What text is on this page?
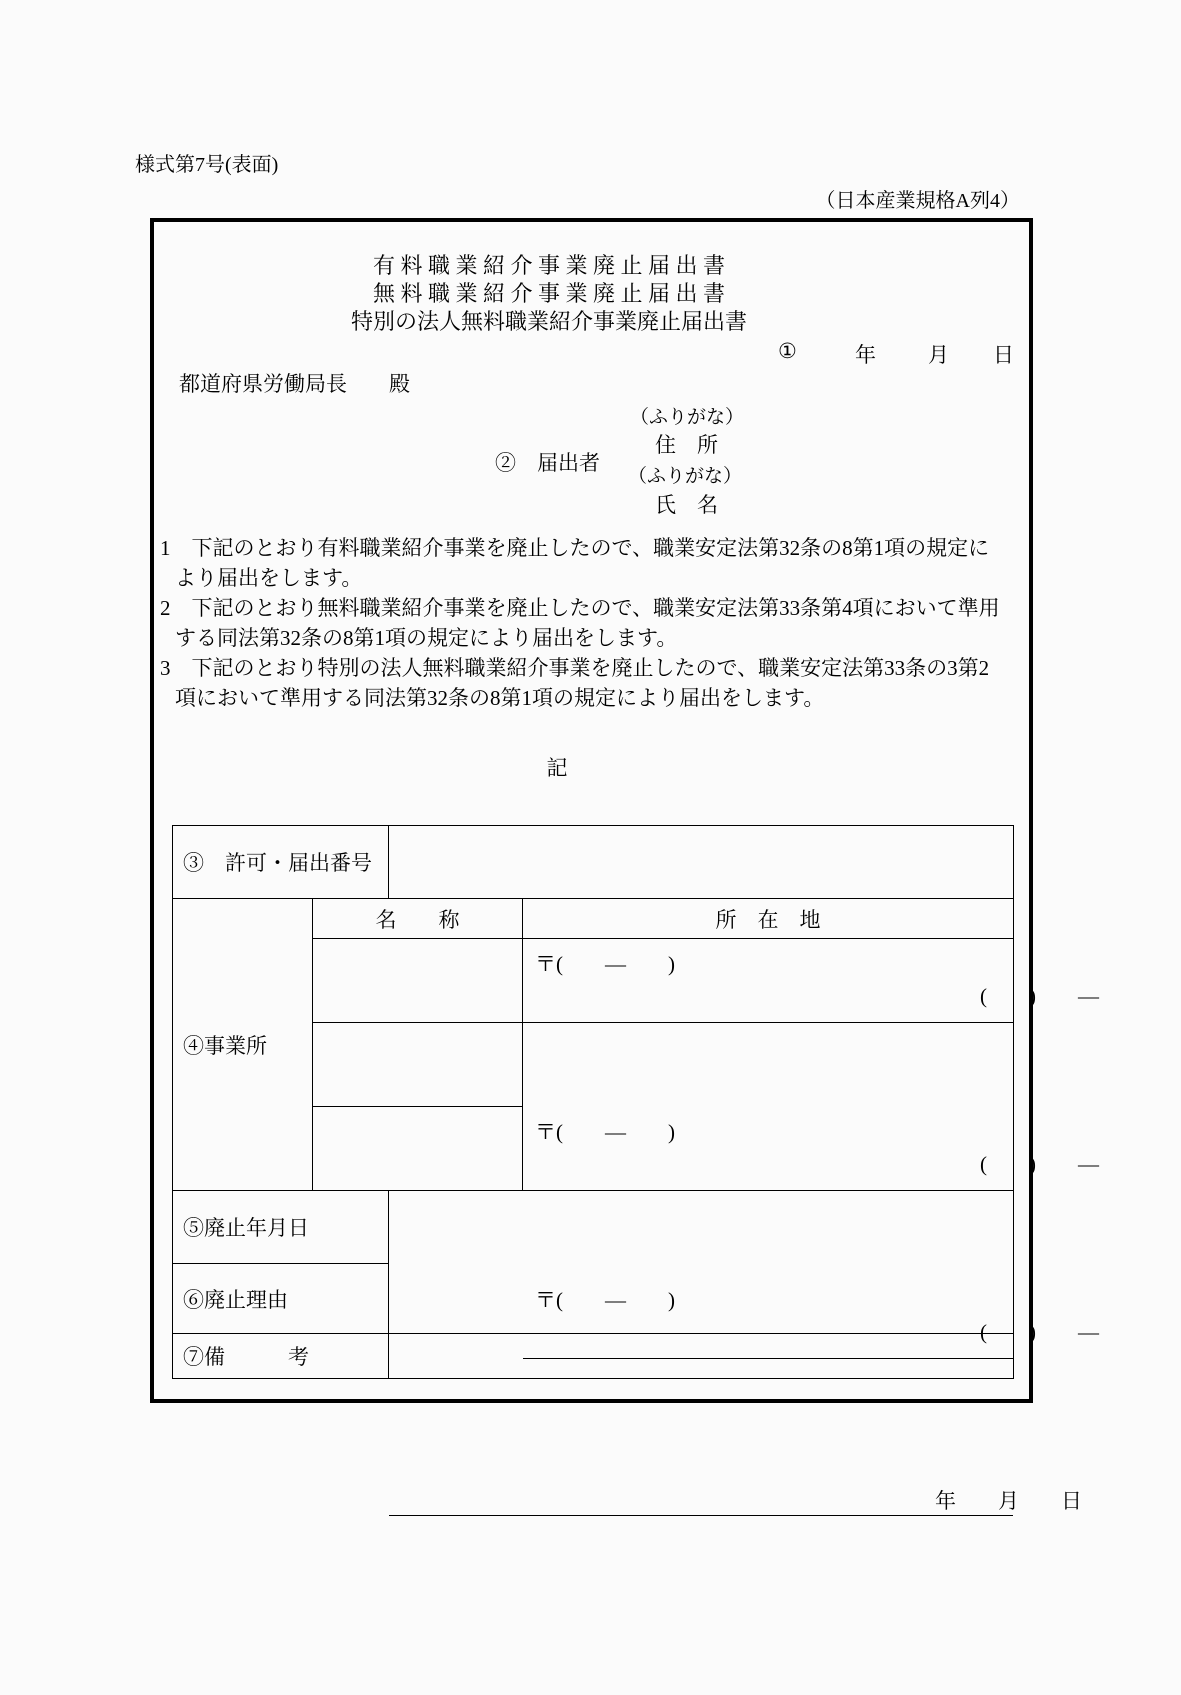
様式第7号(表面)
（日本産業規格A列4）
有 料 職 業 紹 介 事 業 廃 止 届 出 書
無 料 職 業 紹 介 事 業 廃 止 届 出 書
特別の法人無料職業紹介事業廃止届出書
①	年 月 日
都道府県労働局長　　殿
②　届出者
（ふりがな）
住　所
（ふりがな）
氏　名
1　下記のとおり有料職業紹介事業を廃止したので、職業安定法第32条の8第1項の規定に
より届出をします。
2　下記のとおり無料職業紹介事業を廃止したので、職業安定法第33条第4項において準用
する同法第32条の8第1項の規定により届出をします。
3　下記のとおり特別の法人無料職業紹介事業を廃止したので、職業安定法第33条の3第2
項において準用する同法第32条の8第1項の規定により届出をします。
記
③　許可・届出番号
④事業所
名　　称	所　在　地
〒(　　―　　)
(　　)　　―
〒(　　―　　)
(　　)　　―
〒(　　―　　)
(　　)　　―
⑤廃止年月日
年　　月　　日
⑥廃止理由
⑦備　　　考
